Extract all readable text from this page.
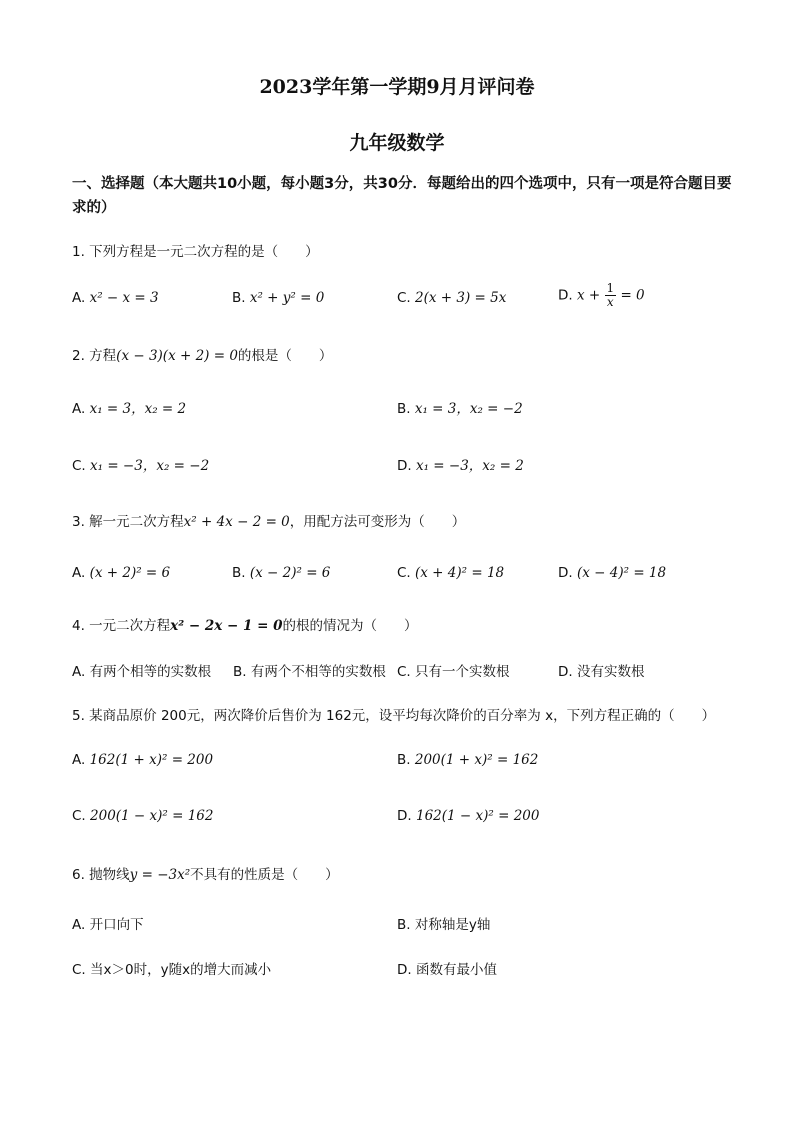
2023学年第一学期9月月评问卷
九年级数学
一、选择题（本大题共10小题，每小题3分，共30分．每题给出的四个选项中，只有一项是符合题目要求的）
1. 下列方程是一元二次方程的是（　　）
A. x² − x = 3	B. x² + y² = 0	C. 2(x + 3) = 5x	D. $x + \frac{1}{x} = 0$
2. 方程(x − 3)(x + 2) = 0的根是（　　）
A. x₁ = 3，x₂ = 2	B. x₁ = 3，x₂ = −2
C. x₁ = −3，x₂ = −2	D. x₁ = −3，x₂ = 2
3. 解一元二次方程x² + 4x − 2 = 0，用配方法可变形为（　　）
A. (x + 2)² = 6	B. (x − 2)² = 6	C. (x + 4)² = 18	D. (x − 4)² = 18
4. 一元二次方程x² − 2x − 1 = 0的根的情况为（　　）
A. 有两个相等的实数根 B. 有两个不相等的实数根 C. 只有一个实数根	D. 没有实数根
5. 某商品原价 200元，两次降价后售价为 162元，设平均每次降价的百分率为 x，下列方程正确的（　　）
A. 162(1 + x)² = 200	B. 200(1 + x)² = 162
C. 200(1 − x)² = 162	D. 162(1 − x)² = 200
6. 抛物线y = −3x²不具有的性质是（　　）
A. 开口向下	B. 对称轴是y轴
C. 当x＞0时，y随x的增大而减小	D. 函数有最小值
